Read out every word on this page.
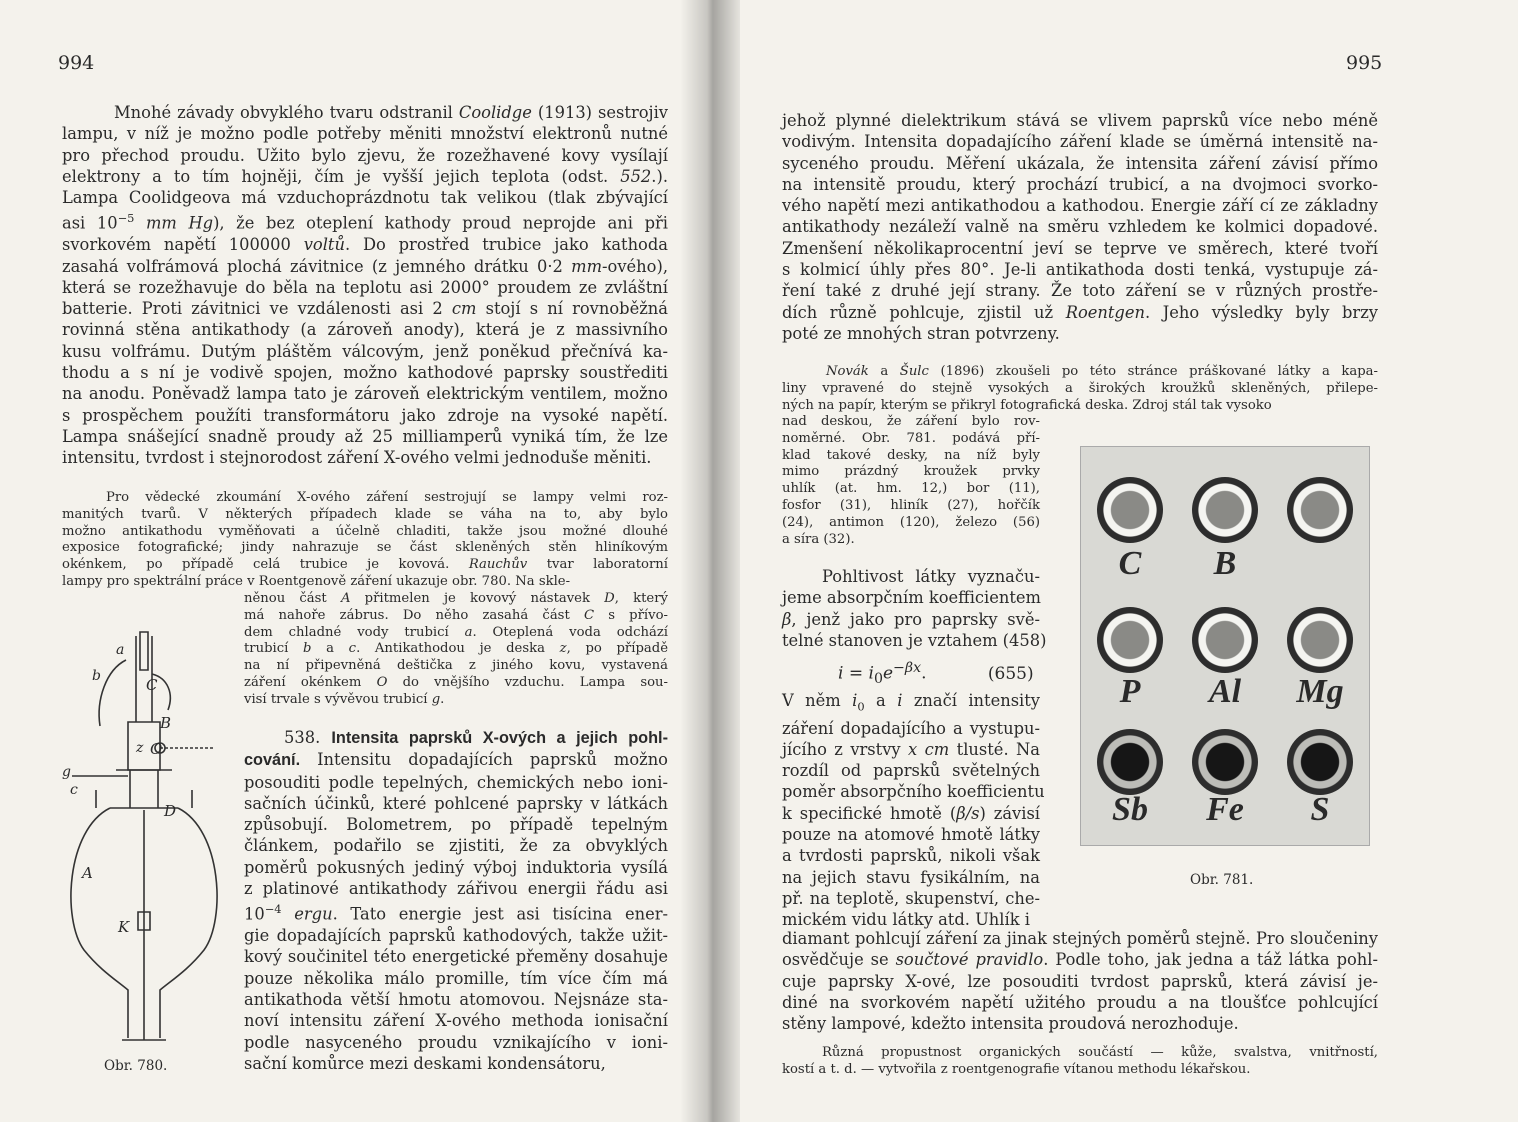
994
Mnohé závady obvyklého tvaru odstranil Coolidge (1913) sestrojiv
lampu, v níž je možno podle potřeby měniti množství elektronů nutné
pro přechod proudu. Užito bylo zjevu, že rozežhavené kovy vysílají
elektrony a to tím hojněji, čím je vyšší jejich teplota (odst. 552.).
Lampa Coolidgeova má vzduchoprázdnotu tak velikou (tlak zbývající
asi $10^{-5}$ mm Hg), že bez oteplení kathody proud neprojde ani při
svorkovém napětí 100000 voltů. Do prostřed trubice jako kathoda
zasahá volfrámová plochá závitnice (z jemného drátku 0·2 mm-ového),
která se rozežhavuje do běla na teplotu asi 2000° proudem ze zvláštní
batterie. Proti závitnici ve vzdálenosti asi 2 cm stojí s ní rovnoběžná
rovinná stěna antikathody (a zároveň anody), která je z massivního
kusu volfrámu. Dutým pláštěm válcovým, jenž poněkud přečnívá ka-
thodu a s ní je vodivě spojen, možno kathodové paprsky soustřediti
na anodu. Poněvadž lampa tato je zároveň elektrickým ventilem, možno
s prospěchem použíti transformátoru jako zdroje na vysoké napětí.
Lampa snášející snadně proudy až 25 milliamperů vyniká tím, že lze
intensitu, tvrdost i stejnorodost záření X-ového velmi jednoduše měniti.
Pro vědecké zkoumání X-ového záření sestrojují se lampy velmi roz-
manitých tvarů. V některých případech klade se váha na to, aby bylo
možno antikathodu vyměňovati a účelně chladiti, takže jsou možné dlouhé
exposice fotografické; jindy nahrazuje se část skleněných stěn hliníkovým
okénkem, po případě celá trubice je kovová. Rauchův tvar laboratorní
lampy pro spektrální práce v Roentgenově záření ukazuje obr. 780. Na skle-
něnou část A přitmelen je kovový nástavek D, který
má nahoře zábrus. Do něho zasahá část C s přívo-
dem chladné vody trubicí a. Oteplená voda odchází
trubicí b a c. Antikathodou je deska z, po případě
na ní připevněná deštička z jiného kovu, vystavená
záření okénkem O do vnějšího vzduchu. Lampa sou-
visí trvale s vývěvou trubicí g.
538. Intensita paprsků X-ových a jejich pohl-
cování. Intensitu dopadajících paprsků možno
posouditi podle tepelných, chemických nebo ioni-
sačních účinků, které pohlcené paprsky v látkách
způsobují. Bolometrem, po případě tepelným
článkem, podařilo se zjistiti, že za obvyklých
poměrů pokusných jediný výboj induktoria vysílá
z platinové antikathody zářivou energii řádu asi
$10^{-4}$ ergu. Tato energie jest asi tisícina ener-
gie dopadajících paprsků kathodových, takže užit-
kový součinitel této energetické přeměny dosahuje
pouze několika málo promille, tím více čím má
antikathoda větší hmotu atomovou. Nejsnáze sta-
noví intensitu záření X-ového methoda ionisační
podle nasyceného proudu vznikajícího v ioni-
sační komůrce mezi deskami kondensátoru,
a
b	C
B
z O
g
c
D
A
K
Obr. 780.
995
jehož plynné dielektrikum stává se vlivem paprsků více nebo méně
vodivým. Intensita dopadajícího záření klade se úměrná intensitě na-
syceného proudu. Měření ukázala, že intensita záření závisí přímo
na intensitě proudu, který prochází trubicí, a na dvojmoci svorko-
vého napětí mezi antikathodou a kathodou. Energie září cí ze základny
antikathody nezáleží valně na směru vzhledem ke kolmici dopadové.
Zmenšení několikaprocentní jeví se teprve ve směrech, které tvoří
s kolmicí úhly přes 80°. Je-li antikathoda dosti tenká, vystupuje zá-
ření také z druhé její strany. Že toto záření se v různých prostře-
dích různě pohlcuje, zjistil už Roentgen. Jeho výsledky byly brzy
poté ze mnohých stran potvrzeny.
Novák a Šulc (1896) zkoušeli po této stránce práškované látky a kapa-
liny vpravené do stejně vysokých a širokých kroužků skleněných, přilepe-
ných na papír, kterým se přikryl fotografická deska. Zdroj stál tak vysoko
nad deskou, že záření bylo rov-
noměrné. Obr. 781. podává pří-
klad takové desky, na níž byly
mimo prázdný kroužek prvky
uhlík (at. hm. 12,) bor (11),
fosfor (31), hliník (27), hořčík
(24), antimon (120), železo (56)
a síra (32).
Pohltivost látky vyznaču-
jeme absorpčním koefficientem
β, jenž jako pro paprsky svě-
telné stanoven je vztahem (458)
$i = i_0e^{-\beta x}$.	(655)
V něm $i_0$ a i značí intensity
záření dopadajícího a vystupu-
jícího z vrstvy x cm tlusté. Na
rozdíl od paprsků světelných
poměr absorpčního koefficientu
k specifické hmotě (β/s) závisí
pouze na atomové hmotě látky
a tvrdosti paprsků, nikoli však
na jejich stavu fysikálním, na
př. na teplotě, skupenství, che-
mickém vidu látky atd. Uhlík i
diamant pohlcují záření za jinak stejných poměrů stejně. Pro sloučeniny
osvědčuje se součtové pravidlo. Podle toho, jak jedna a táž látka pohl-
cuje paprsky X-ové, lze posouditi tvrdost paprsků, která závisí je-
diné na svorkovém napětí užitého proudu a na tloušťce pohlcující
stěny lampové, kdežto intensita proudová nerozhoduje.
Různá propustnost organických součástí — kůže, svalstva, vnitřností,
kostí a t. d. — vytvořila z roentgenografie vítanou methodu lékařskou.
C	B
P	Al	Mg
Sb	Fe	S
Obr. 781.
